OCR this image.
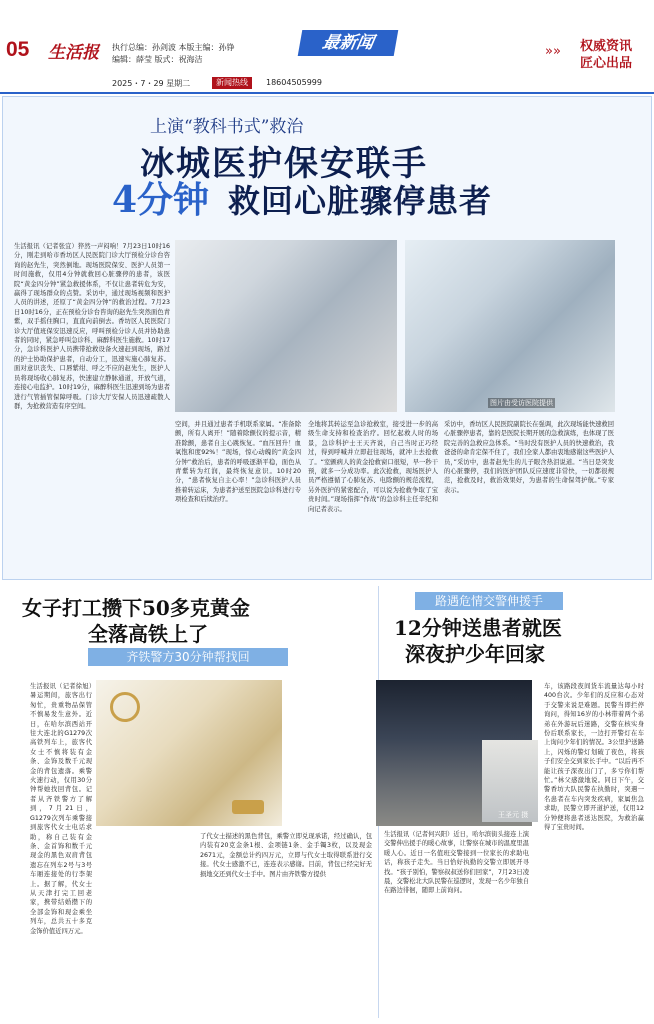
05 生活报 执行总编：孙剑波 本版主编：孙铮
编辑：薛莹 版式：祝海洁
最新闻	»» 权威资讯
匠心出品
2025・7・29 星期二	新闻热线	18604505999
上演“教科书式”救治
冰城医护保安联手
4分钟 救回心脏骤停患者
生活报讯（记者张宜）猝然一声闷响！7月23日10时16分，刚走到哈市香坊区人民医院门诊大厅预检分诊台咨询的赵先生，突然倒地。现场医院保安、医护人员第一时间施救，仅用4分钟就救回心脏骤停的患者，该医院“黄金四分钟”紧急救援体系，不仅让患者转危为安，赢得了现场群众的点赞。采访中，通过现场视频和医护人员的讲述，还原了“黄金四分钟”的救治过程。7月23日10时16分，正在预检分诊台咨询的赵先生突然面色青紫，双手摇住胸口，直直向前倒去。香坊区人民医院门诊大厅值班保安迅速反应，呼叫预检分诊人员并协助患者的同时，紧急呼叫急诊科、麻醉科医生施救。10时17分，急诊科医护人员携带抢救设备火速赶到现场，路过的护士协助保护患者，自动分工，迅速实施心肺复苏。面对意识丧失、口唇紫绀、呼之不应的赵先生，医护人员将现场收心肺复苏，快速建立静脉通道，开放气道，连接心电监护。10时19分，麻醉科医生迅速到场为患者进行气管插管保障呼吸。门诊大厅安保人员迅速疏散人群，为抢救营造有序空间。	图片由受访医院提供
空间，并且通过患者手机联系家属。“准备除颤，所有人离开！”随着除颤仪的提示音，精准除颤，患者自主心跳恢复。“血压回升！血氧饱和度92%！”现场，惊心动魄的“黄金四分钟”救治后，患者的呼吸逐渐平稳，面色从青紫转为红润，最终恢复意识。10时20分，“患者恢复自主心率！”急诊科医护人员推着转运床，为患者护送至医院急诊科进行专项检查和后续治疗。
全地将其转运至急诊抢救室，接受进一步的高级生命支持和检查治疗。回忆起救人时的场景，急诊科护士王天齐说，自己当时正巧经过，得到呼喊并立即赶往现场，就冲上去抢救了。“室颤病人的黄金抢救窗口很短，早一秒干预，就多一分成功率。此次抢救，现场医护人员严格遵循了心肺复苏、电除颤的规范流程，另外医护的紧密配合，可以说为抢救争取了宝贵时间。”现场指挥“作战”的急诊科主任辛纪和向记者表示。
采访中，香坊区人民医院副院长在强调，此次现场能快速救回心脏骤停患者，靠的是医院长期开展的急救演练，也体现了医院完善的急救应急体系。“当时没有医护人员的快速救治，我爸爸的命肯定保不住了，我们全家人都由衷地感谢这些医护人员，”采访中，患者赵先生的儿子眼含热泪说道。“当日是突发的心脏骤停，我们的医护团队反应速度非常快，一切都很规范，抢救及时，救治效果好，为患者的生命保驾护航。”专家表示。
女子打工攒下50多克黄金
全落高铁上了
齐铁警方30分钟帮找回
生活报讯（记者徐旭）暑运期间，旅客出行匆忙，贵重物品保管不慎易发生意外。近日，在哈尔滨西站开往大连北的G1279次高铁列车上，旅客代女士不慎将装有金条、金饰及数千元现金的背包遗落。乘警火速行动，仅用30分钟帮她找回背包。记者从齐铁警方了解到，7月21日，G1279次列车乘警接到旅客代女士电话求助，称自己装有金条、金首饰和数千元现金的黑色双肩背包遗忘在列车2号与3号车厢连接处的行李架上。据了解，代女士从天津打完工回老家，携带结婚攒下的全部金饰和现金乘坐列车，总共五十多克金饰价值近四万元。
了代女士描述的黑色背包，乘警立即兑现承诺，经过确认，包内装有20克金条1根、金项链1条、金手镯3枚，以及现金2671元，金额总计约四万元，立即与代女士取得联系进行交接。代女士感激不已，连连表示感谢。目前，背包已经完好无损地交还到代女士手中。图片由齐铁警方提供
路遇危情交警伸援手
12分钟送患者就医
深夜护少年回家
王圣元 摄
生活报讯（记者何兴阳）近日，哈尔滨街头接连上演交警伸出援手的暖心故事，让警察在城市的温度里温暖人心。近日一名值班交警接到一位家长的求助电话，称孩子走失。当日恰好执勤的交警立即展开寻找。“孩子别怕，警察叔叔送你们回家”，7月23日凌晨，交警松北大队民警在巡逻时，发现一名少年独自在路边徘徊，随即上前询问。
车，该路段夜间货车流量达每小时400台次。少年们的反应和心态对于交警来说是难题。民警当即拦停询问，得知16岁的小林带着两个弟弟在外游玩后迷路，交警在核实身份后联系家长，一边打开警灯在车上询问少年们的情况。3公里护送路上，闪烁的警灯划破了夜色，将孩子们安全交到家长手中。“以后再不能让孩子深夜出门了，多亏你们帮忙。”林父感激地说。同日下午，交警香坊大队民警在执勤时，突遇一名患者在车内突发疾病，家属焦急求助，民警立即开道护送，仅用12分钟便将患者送达医院，为救治赢得了宝贵时间。
